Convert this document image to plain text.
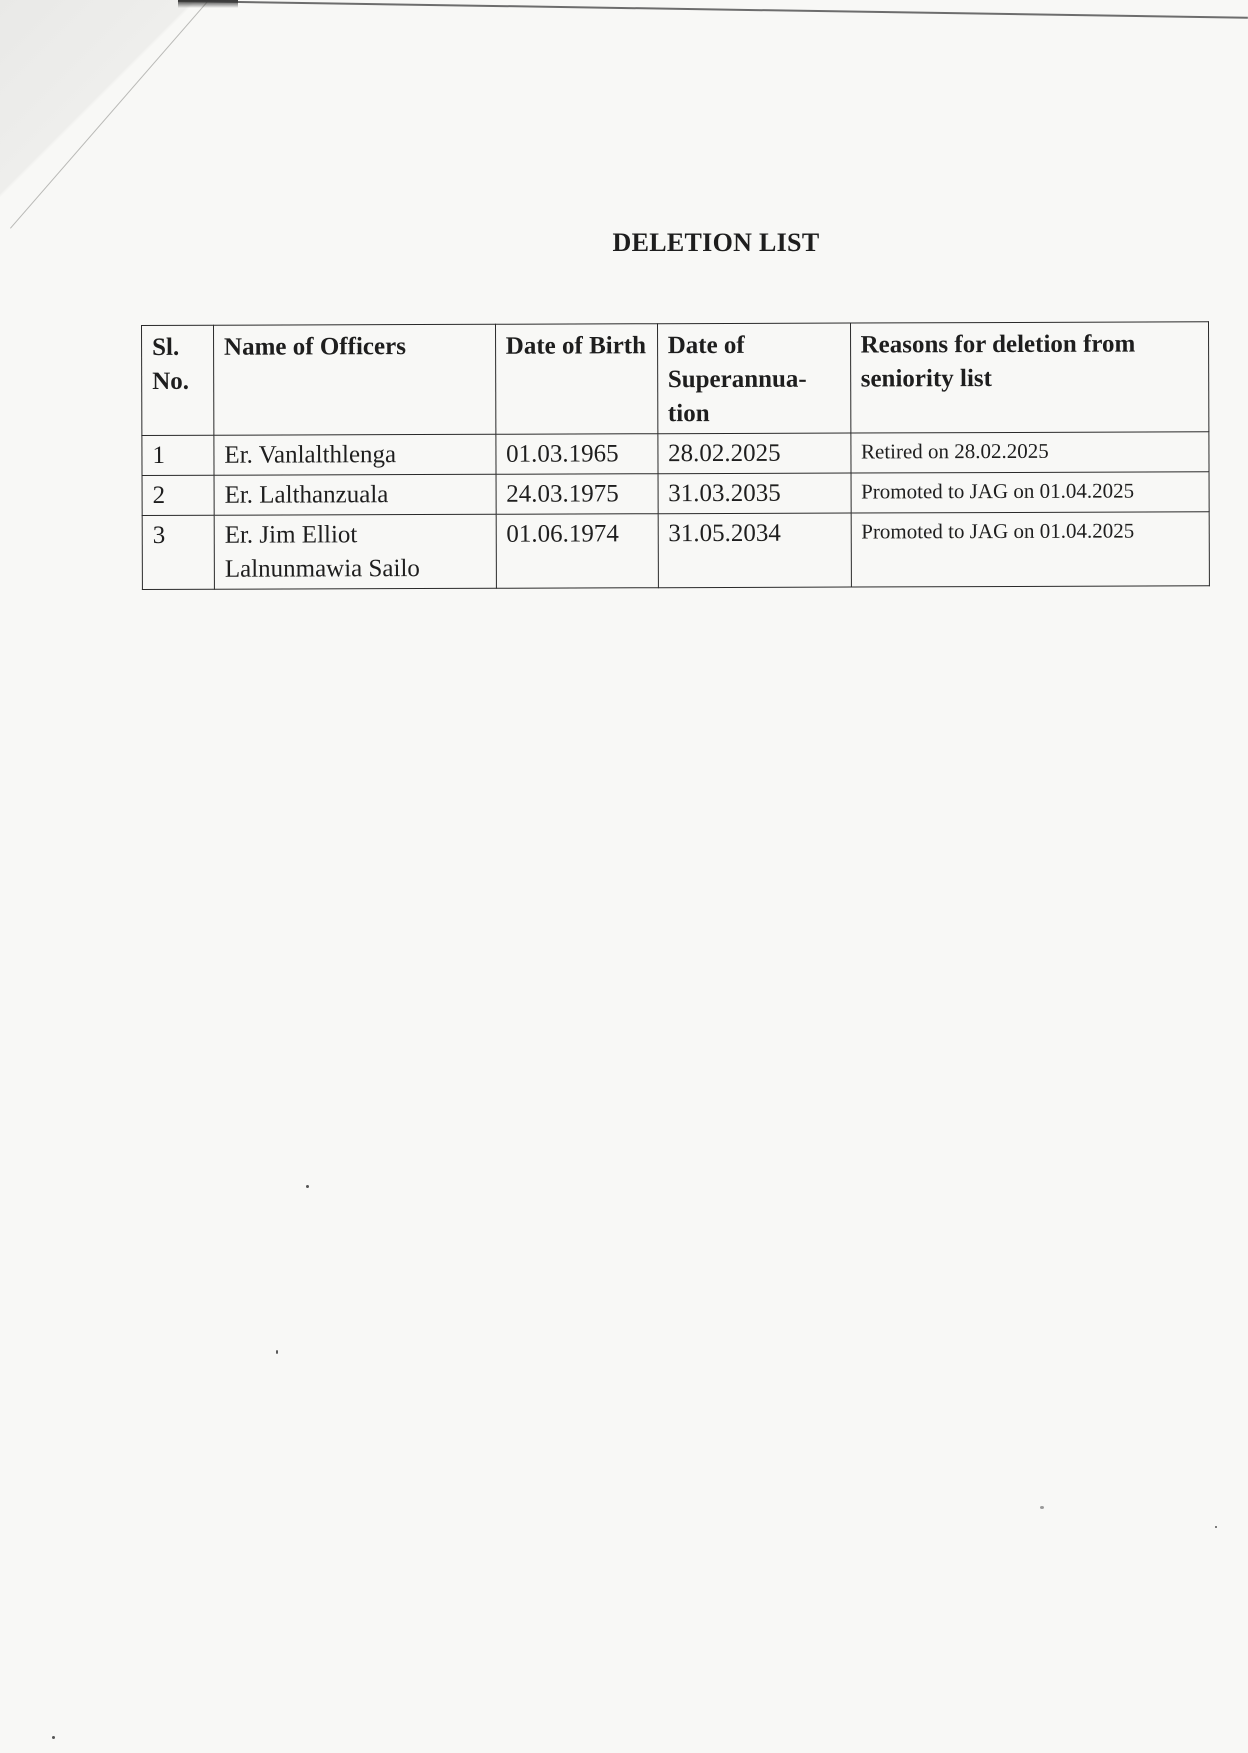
DELETION LIST
Sl. No.	Name of Officers	Date of Birth	Date of Superannua-tion	Reasons for deletion from seniority list
1	Er. Vanlalthlenga	01.03.1965	28.02.2025	Retired on 28.02.2025
2	Er. Lalthanzuala	24.03.1975	31.03.2035	Promoted to JAG on 01.04.2025
3	Er. Jim Elliot Lalnunmawia Sailo	01.06.1974	31.05.2034	Promoted to JAG on 01.04.2025
